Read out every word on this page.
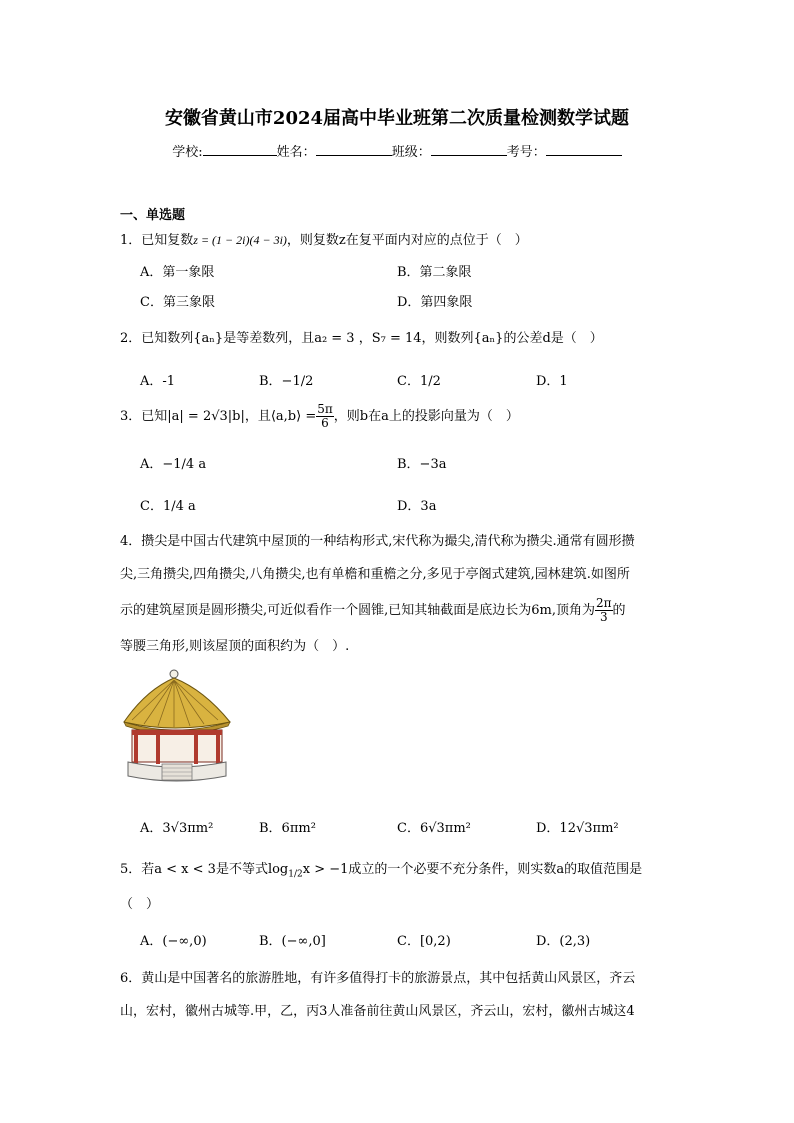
安徽省黄山市2024届高中毕业班第二次质量检测数学试题
学校:	姓名：	班级：	考号：
一、单选题
1．已知复数z = (1 − 2i)(4 − 3i)，则复数z在复平面内对应的点位于（　）
A．第一象限	B．第二象限
C．第三象限	D．第四象限
2．已知数列{aₙ}是等差数列，且a₂ = 3 ，S₇ = 14，则数列{aₙ}的公差d是（　）
A．-1	B．−1/2	C．1/2	D．1
3．已知|a| = 2√3|b|，且⟨a,b⟩ = $\frac{5\pi}{6}$ ，则b在a上的投影向量为（　）
A．−1/4 a	B．−3a
C．1/4 a	D．3a
4．攒尖是中国古代建筑中屋顶的一种结构形式,宋代称为撮尖,清代称为攒尖.通常有圆形攒
尖,三角攒尖,四角攒尖,八角攒尖,也有单檐和重檐之分,多见于亭阁式建筑,园林建筑.如图所
示的建筑屋顶是圆形攒尖,可近似看作一个圆锥,已知其轴截面是底边长为6m,顶角为 $\frac{2\pi}{3}$ 的
等腰三角形,则该屋顶的面积约为（　）.
A．3√3πm²	B．6πm²	C．6√3πm²	D．12√3πm²
5．若a < x < 3是不等式$\log_{1/2}x > -1$成立的一个必要不充分条件，则实数a的取值范围是
（　）
A．(−∞,0)	B．(−∞,0]	C．[0,2)	D．(2,3)
6．黄山是中国著名的旅游胜地，有许多值得打卡的旅游景点，其中包括黄山风景区，齐云
山，宏村，徽州古城等.甲，乙，丙3人准备前往黄山风景区，齐云山，宏村，徽州古城这4
